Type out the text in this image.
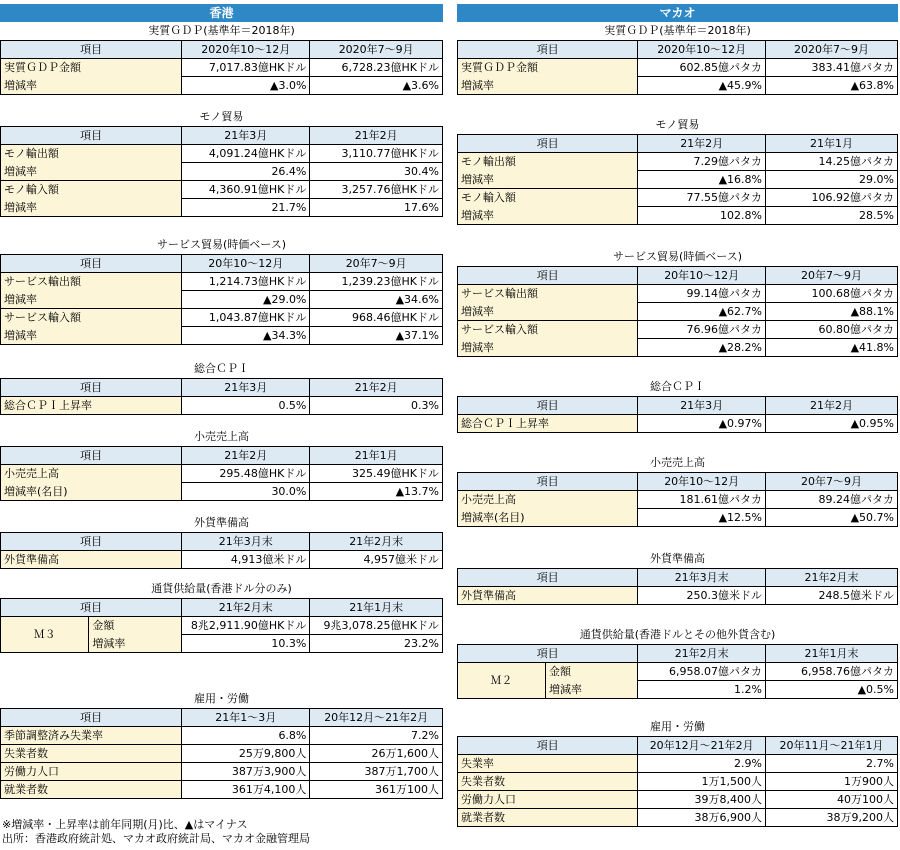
香港
実質ＧＤＰ(基準年＝2018年)
項目	2020年10～12月	2020年7～9月
実質ＧＤＰ金額	7,017.83億HKドル	6,728.23億HKドル
増減率	▲3.0%	▲3.6%
モノ貿易
項目	21年3月	21年2月
モノ輸出額	4,091.24億HKドル	3,110.77億HKドル
増減率	26.4%	30.4%
モノ輸入額	4,360.91億HKドル	3,257.76億HKドル
増減率	21.7%	17.6%
サービス貿易(時価ベース)
項目	20年10～12月	20年7～9月
サービス輸出額	1,214.73億HKドル	1,239.23億HKドル
増減率	▲29.0%	▲34.6%
サービス輸入額	1,043.87億HKドル	968.46億HKドル
増減率	▲34.3%	▲37.1%
総合ＣＰＩ
項目	21年3月	21年2月
総合ＣＰＩ上昇率	0.5%	0.3%
小売売上高
項目	21年2月	21年1月
小売売上高	295.48億HKドル	325.49億HKドル
増減率(名目)	30.0%	▲13.7%
外貨準備高
項目	21年3月末	21年2月末
外貨準備高	4,913億米ドル	4,957億米ドル
通貨供給量(香港ドル分のみ)
項目		21年2月末	21年1月末
Ｍ３	金額	8兆2,911.90億HKドル	9兆3,078.25億HKドル
	増減率	10.3%	23.2%
雇用・労働
項目	21年1～3月	20年12月～21年2月
季節調整済み失業率	6.8%	7.2%
失業者数	25万9,800人	26万1,600人
労働力人口	387万3,900人	387万1,700人
就業者数	361万4,100人	361万100人
マカオ
実質ＧＤＰ(基準年＝2018年)
項目	2020年10～12月	2020年7～9月
実質ＧＤＰ金額	602.85億パタカ	383.41億パタカ
増減率	▲45.9%	▲63.8%
モノ貿易
項目	21年2月	21年1月
モノ輸出額	7.29億パタカ	14.25億パタカ
増減率	▲16.8%	29.0%
モノ輸入額	77.55億パタカ	106.92億パタカ
増減率	102.8%	28.5%
サービス貿易(時価ベース)
項目	20年10～12月	20年7～9月
サービス輸出額	99.14億パタカ	100.68億パタカ
増減率	▲62.7%	▲88.1%
サービス輸入額	76.96億パタカ	60.80億パタカ
増減率	▲28.2%	▲41.8%
総合ＣＰＩ
項目	21年3月	21年2月
総合ＣＰＩ上昇率	▲0.97%	▲0.95%
小売売上高
項目	20年10～12月	20年7～9月
小売売上高	181.61億パタカ	89.24億パタカ
増減率(名目)	▲12.5%	▲50.7%
外貨準備高
項目	21年3月末	21年2月末
外貨準備高	250.3億米ドル	248.5億米ドル
通貨供給量(香港ドルとその他外貨含む)
項目		21年2月末	21年1月末
Ｍ２	金額	6,958.07億パタカ	6,958.76億パタカ
	増減率	1.2%	▲0.5%
雇用・労働
項目	20年12月～21年2月	20年11月～21年1月
失業率	2.9%	2.7%
失業者数	1万1,500人	1万900人
労働力人口	39万8,400人	40万100人
就業者数	38万6,900人	38万9,200人
※増減率・上昇率は前年同期(月)比、▲はマイナス
出所：香港政府統計処、マカオ政府統計局、マカオ金融管理局
